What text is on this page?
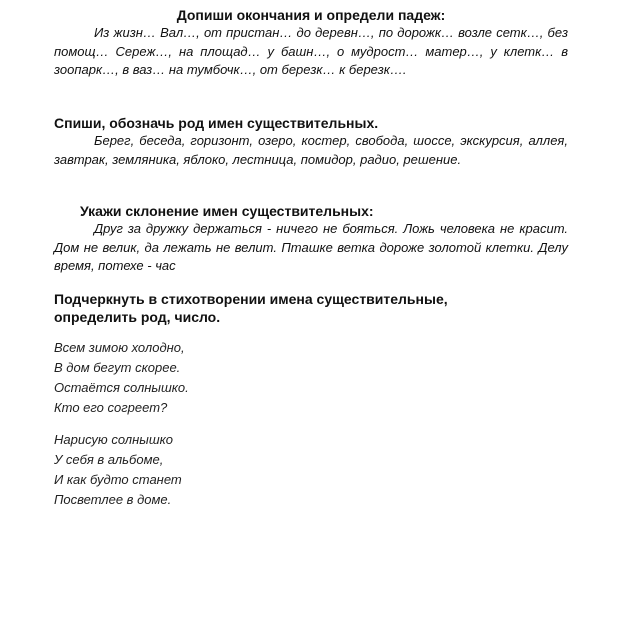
Допиши окончания и определи падеж:

Из жизн… Вал…, от пристан… до деревн…, по дорожк… возле сетк…, без помощ… Сереж…, на площад… у башн…, о мудрост… матер…, у клетк… в зоопарк…, в ваз… на тумбочк…, от березк… к березк….

Спиши, обозначь род имен существительных.

Берег, беседа, горизонт, озеро, костер, свобода, шоссе, экскурсия, аллея, завтрак, земляника, яблоко, лестница, помидор, радио, решение.

Укажи склонение имен существительных:

Друг за дружку держаться - ничего не бояться. Ложь человека не красит. Дом не велик, да лежать не велит. Пташке ветка дороже золотой клетки. Делу время, потехе - час

Подчеркнуть в стихотворении имена существительные,

определить род, число.

Всем зимою холодно,
В дом бегут скорее.
Остаётся солнышко.
Кто его согреет?
Нарисую солнышко
У себя в альбоме,
И как будто станет
Посветлее в доме.
